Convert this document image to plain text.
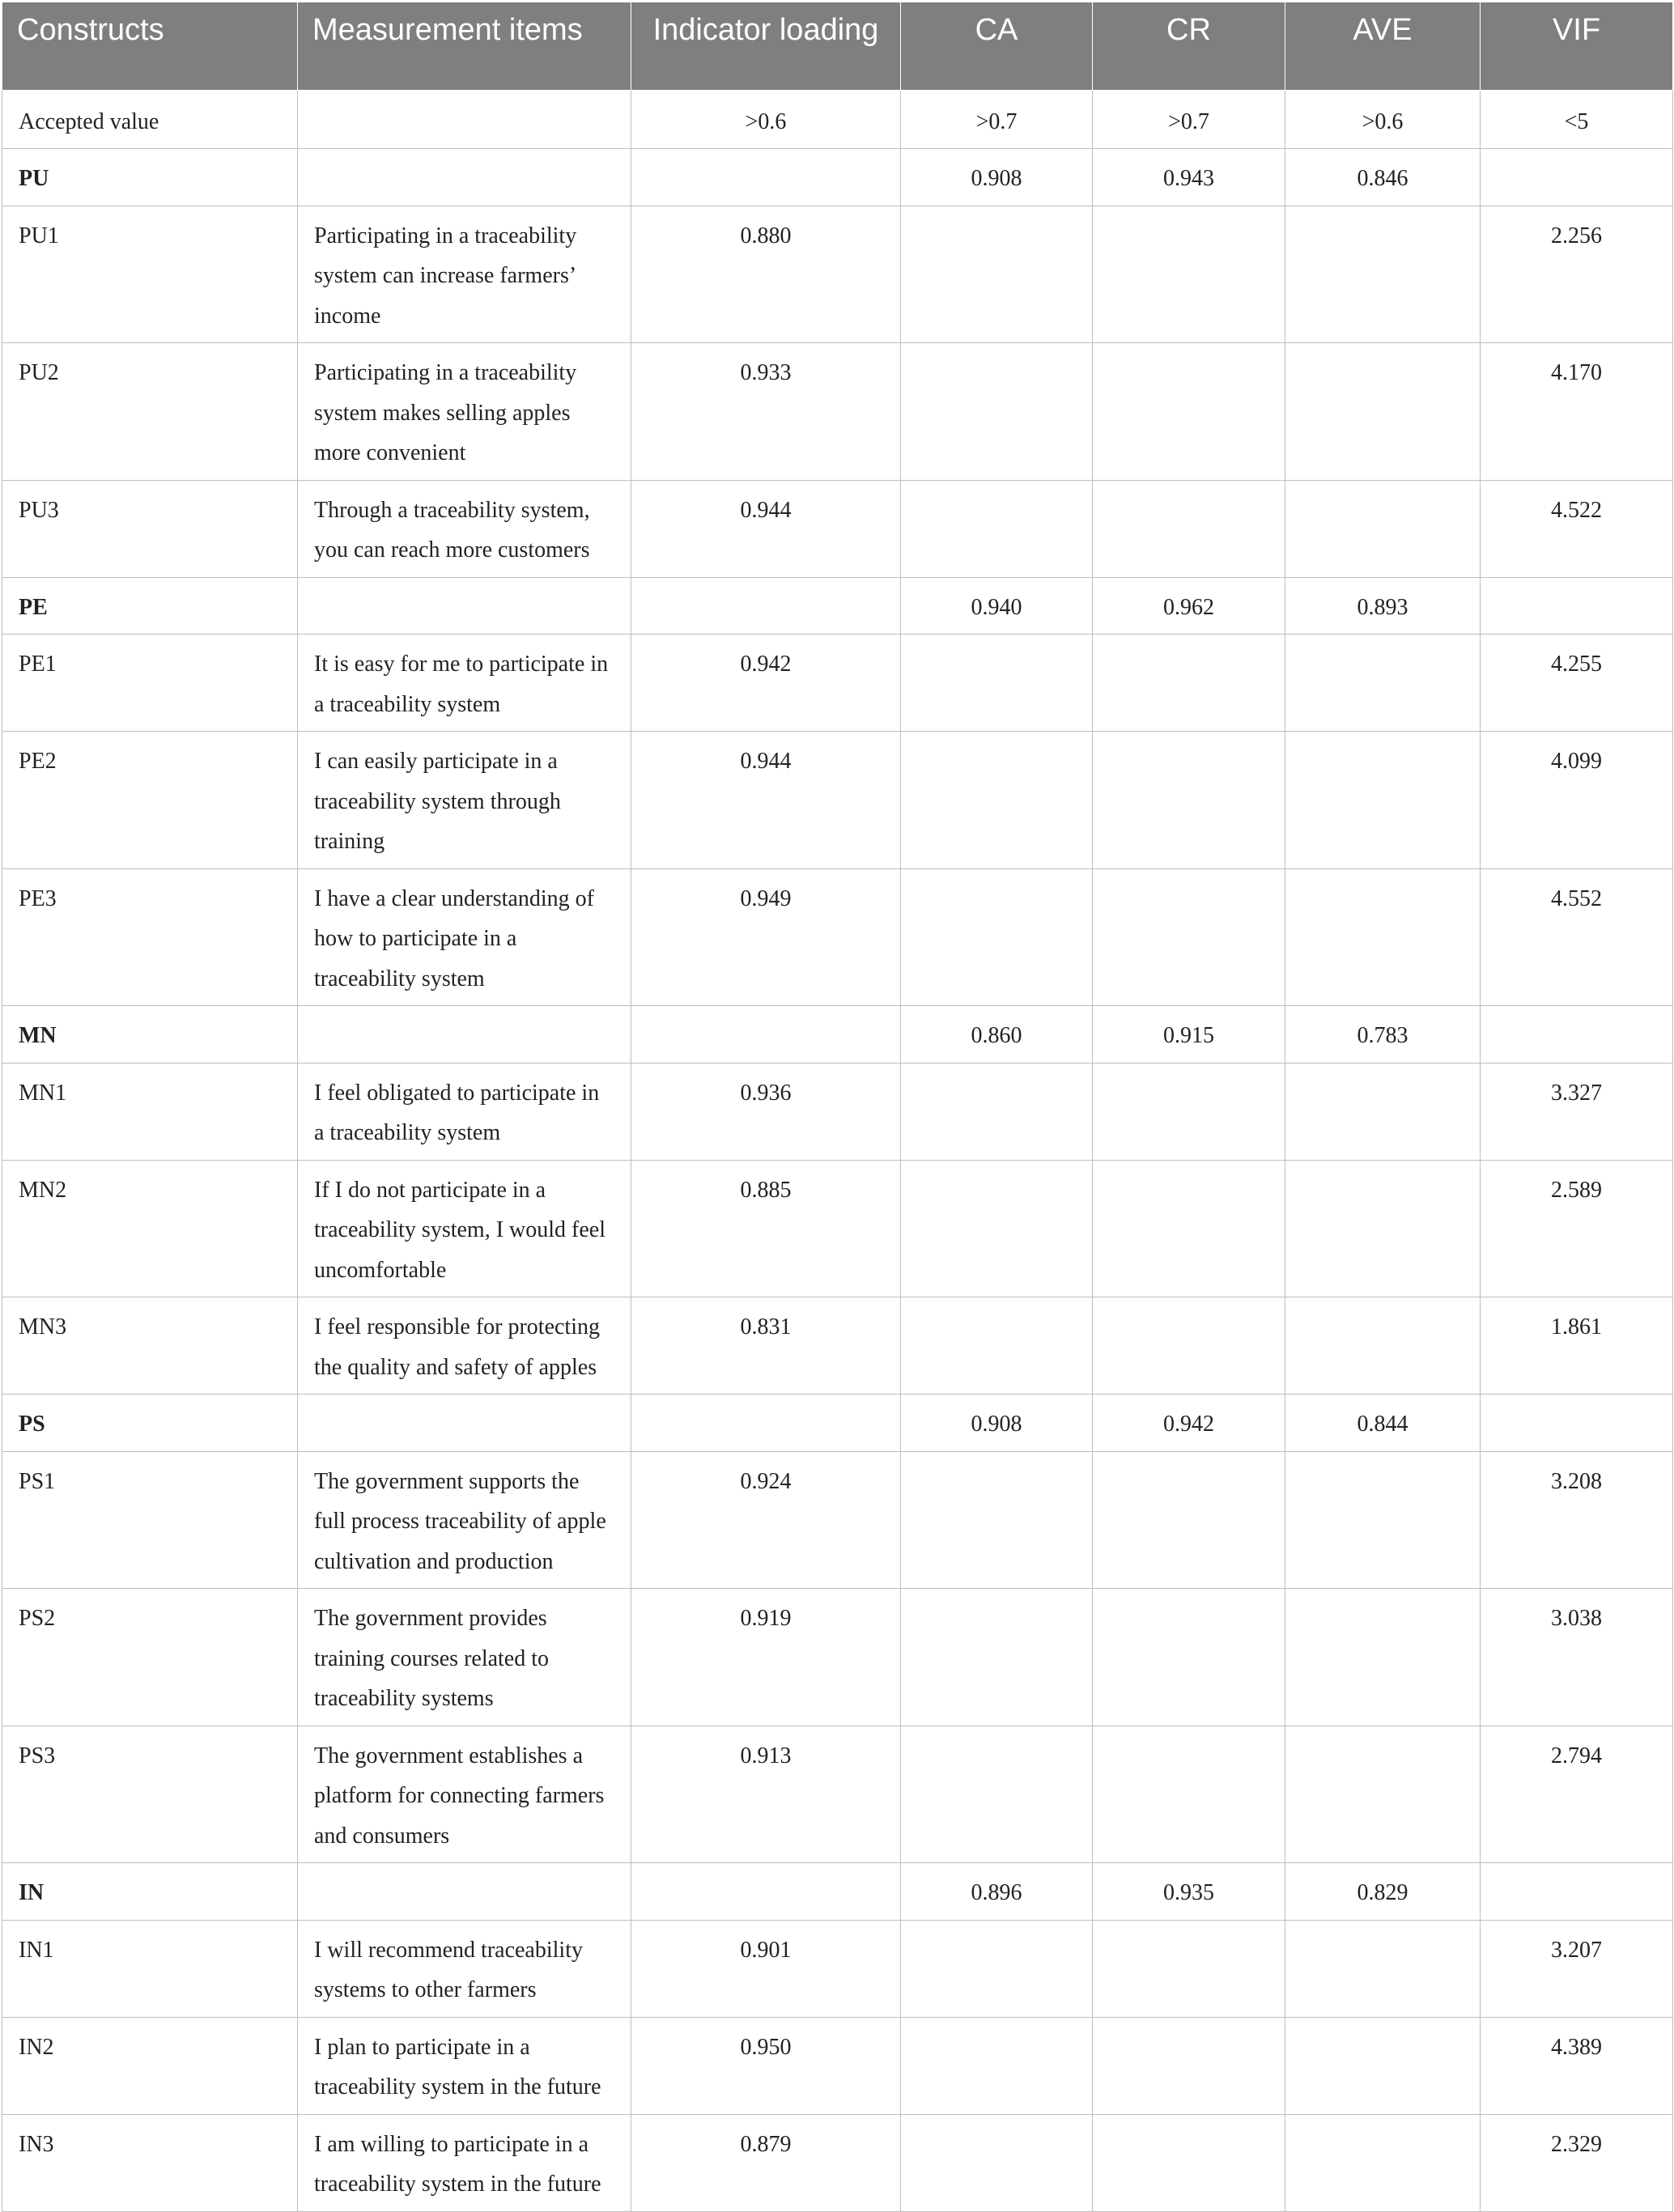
Constructs	Measurement items	Indicator loading	CA	CR	AVE	VIF
Accepted value		>0.6	>0.7	>0.7	>0.6	<5
PU			0.908	0.943	0.846	
PU1	Participating in a traceability system can increase farmers’ income	0.880				2.256
PU2	Participating in a traceability system makes selling apples more convenient	0.933				4.170
PU3	Through a traceability system, you can reach more customers	0.944				4.522
PE			0.940	0.962	0.893	
PE1	It is easy for me to participate in a traceability system	0.942				4.255
PE2	I can easily participate in a traceability system through training	0.944				4.099
PE3	I have a clear understanding of how to participate in a traceability system	0.949				4.552
MN			0.860	0.915	0.783	
MN1	I feel obligated to participate in a traceability system	0.936				3.327
MN2	If I do not participate in a traceability system, I would feel uncomfortable	0.885				2.589
MN3	I feel responsible for protecting the quality and safety of apples	0.831				1.861
PS			0.908	0.942	0.844	
PS1	The government supports the full process traceability of apple cultivation and production	0.924				3.208
PS2	The government provides training courses related to traceability systems	0.919				3.038
PS3	The government establishes a platform for connecting farmers and consumers	0.913				2.794
IN			0.896	0.935	0.829	
IN1	I will recommend traceability systems to other farmers	0.901				3.207
IN2	I plan to participate in a traceability system in the future	0.950				4.389
IN3	I am willing to participate in a traceability system in the future	0.879				2.329
